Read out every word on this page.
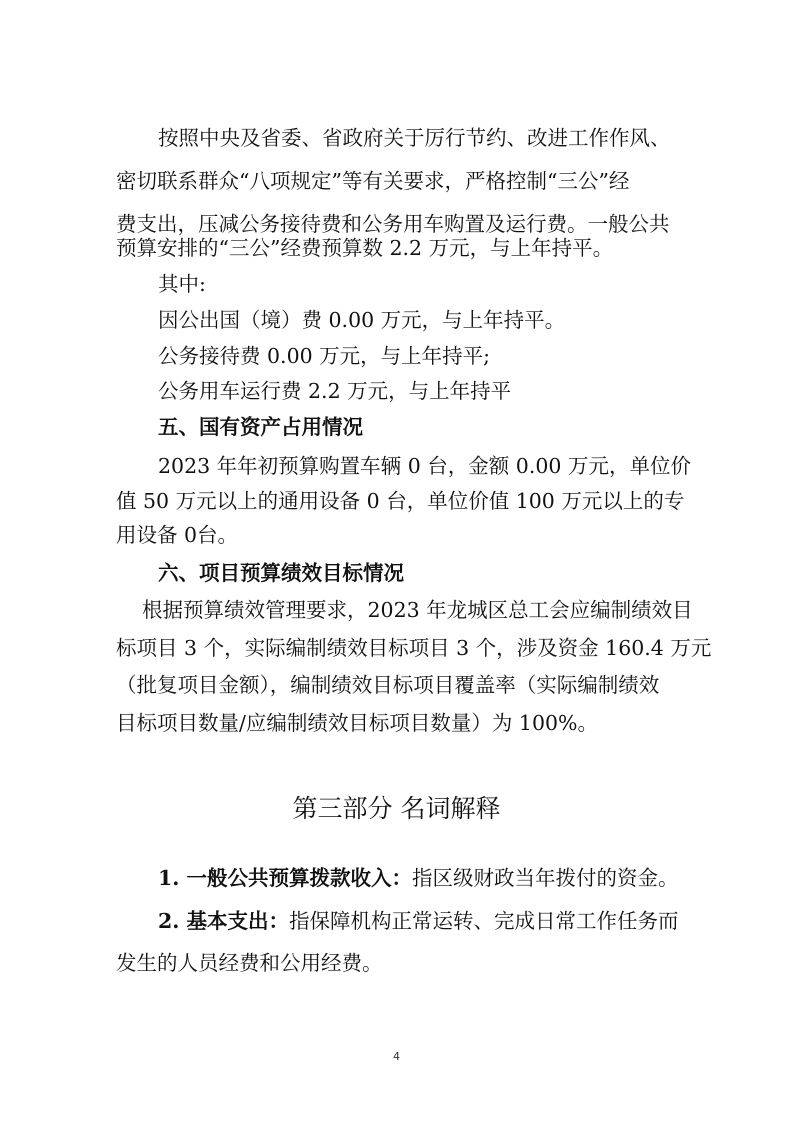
按照中央及省委、省政府关于厉行节约、改进工作作风、
密切联系群众“八项规定”等有关要求，严格控制“三公”经
费支出，压减公务接待费和公务用车购置及运行费。一般公共
预算安排的“三公”经费预算数 2.2 万元，与上年持平。
其中:
因公出国（境）费 0.00 万元，与上年持平。
公务接待费 0.00 万元，与上年持平;
公务用车运行费 2.2 万元，与上年持平
五、国有资产占用情况
2023 年年初预算购置车辆 0 台，金额 0.00 万元，单位价
值 50 万元以上的通用设备 0 台，单位价值 100 万元以上的专
用设备 0台。
六、项目预算绩效目标情况
根据预算绩效管理要求，2023 年龙城区总工会应编制绩效目
标项目 3 个，实际编制绩效目标项目 3 个，涉及资金 160.4 万元
（批复项目金额），编制绩效目标项目覆盖率（实际编制绩效
目标项目数量/应编制绩效目标项目数量）为 100%。
第三部分 名词解释
1. 一般公共预算拨款收入：指区级财政当年拨付的资金。
2. 基本支出：指保障机构正常运转、完成日常工作任务而
发生的人员经费和公用经费。
4
